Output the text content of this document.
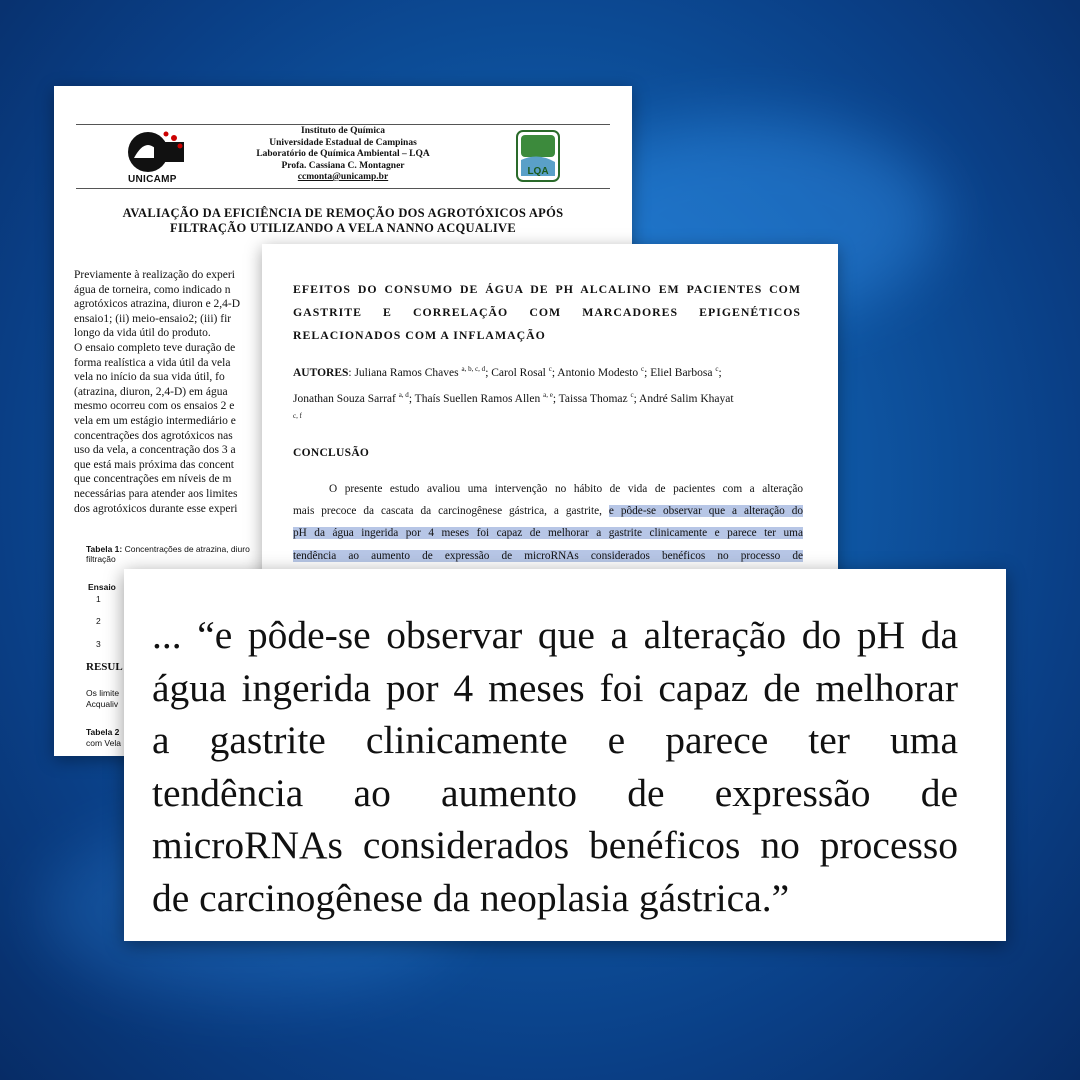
UNICAMP
Instituto de Química
Universidade Estadual de Campinas
Laboratório de Química Ambiental – LQA
Profa. Cassiana C. Montagner
ccmonta@unicamp.br	LQA
AVALIAÇÃO DA EFICIÊNCIA DE REMOÇÃO DOS AGROTÓXICOS APÓS
FILTRAÇÃO UTILIZANDO A VELA NANNO ACQUALIVE
Previamente à realização do experi
água de torneira, como indicado n
agrotóxicos atrazina, diuron e 2,4-D
ensaio1; (ii) meio-ensaio2; (iii) fir
longo da vida útil do produto.
O ensaio completo teve duração de
forma realística a vida útil da vela
vela no início da sua vida útil, fo
(atrazina, diuron, 2,4-D) em água
mesmo ocorreu com os ensaios 2 e
vela em um estágio intermediário e
concentrações dos agrotóxicos nas
uso da vela, a concentração dos 3 a
que está mais próxima das concent
que concentrações em níveis de m
necessárias para atender aos limites
dos agrotóxicos durante esse experi
Tabela 1: Concentrações de atrazina, diuro
filtração
Ensaio
1
2
3
RESUL
Os limite
Acqualiv
Tabela 2
com Vela
EFEITOS DO CONSUMO DE ÁGUA DE PH ALCALINO EM PACIENTES COM
GASTRITE E CORRELAÇÃO COM MARCADORES EPIGENÉTICOS
RELACIONADOS COM A INFLAMAÇÃO
AUTORES: Juliana Ramos Chaves $^{a, b, c, d}$; Carol Rosal $^c$; Antonio Modesto $^c$; Eliel Barbosa $^c$;
Jonathan Souza Sarraf $^{a, d}$; Thaís Suellen Ramos Allen $^{a, e}$; Taissa Thomaz $^c$; André Salim Khayat
c, f
CONCLUSÃO
O presente estudo avaliou uma intervenção no hábito de vida de pacientes com a alteração
mais precoce da cascata da carcinogênese gástrica, a gastrite, e pôde-se observar que a alteração do
pH da água ingerida por 4 meses foi capaz de melhorar a gastrite clinicamente e parece ter uma
tendência ao aumento de expressão de microRNAs considerados benéficos no processo de
... “e pôde-se observar que a alteração do pH da
água ingerida por 4 meses foi capaz de melhorar
a gastrite clinicamente e parece ter uma
tendência ao aumento de expressão de
microRNAs considerados benéficos no processo
de carcinogênese da neoplasia gástrica.”
